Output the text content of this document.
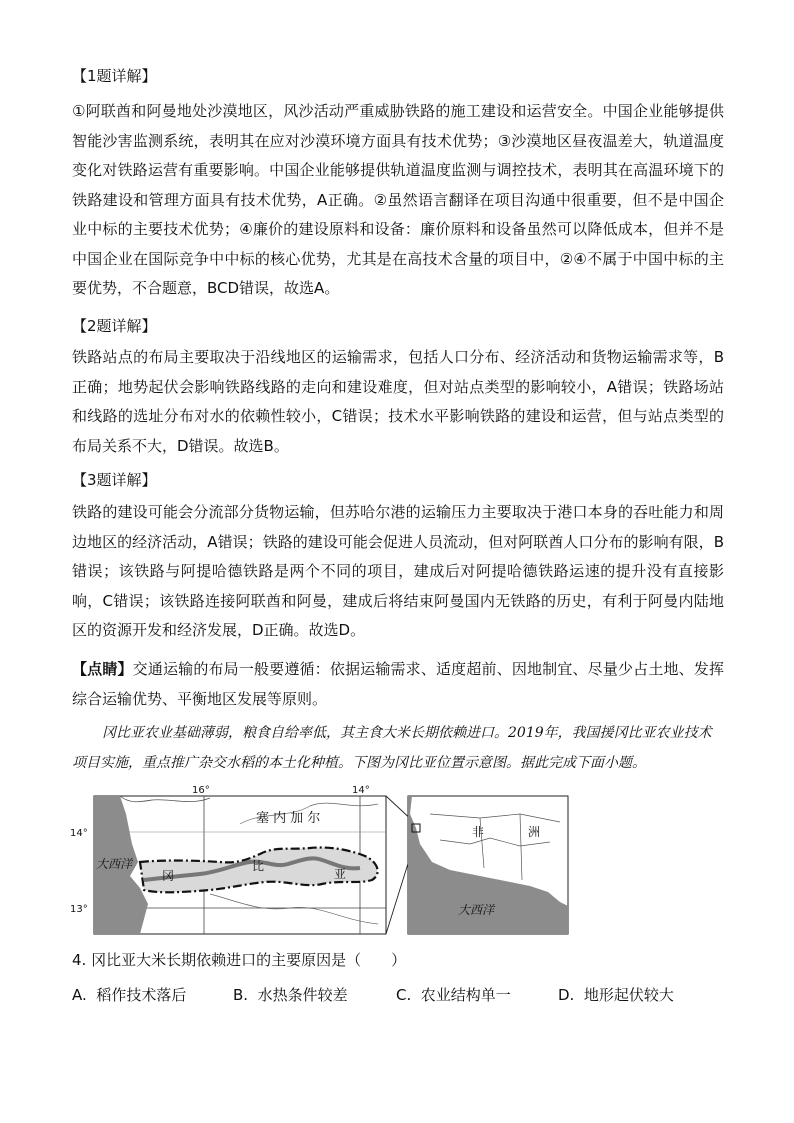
【1题详解】
①阿联酋和阿曼地处沙漠地区，风沙活动严重威胁铁路的施工建设和运营安全。中国企业能够提供智能沙害监测系统，表明其在应对沙漠环境方面具有技术优势；③沙漠地区昼夜温差大，轨道温度变化对铁路运营有重要影响。中国企业能够提供轨道温度监测与调控技术，表明其在高温环境下的铁路建设和管理方面具有技术优势，A正确。②虽然语言翻译在项目沟通中很重要，但不是中国企业中标的主要技术优势；④廉价的建设原料和设备：廉价原料和设备虽然可以降低成本，但并不是中国企业在国际竞争中中标的核心优势，尤其是在高技术含量的项目中，②④不属于中国中标的主要优势，不合题意，BCD错误，故选A。
【2题详解】
铁路站点的布局主要取决于沿线地区的运输需求，包括人口分布、经济活动和货物运输需求等，B正确；地势起伏会影响铁路线路的走向和建设难度，但对站点类型的影响较小，A错误；铁路场站和线路的选址分布对水的依赖性较小，C错误；技术水平影响铁路的建设和运营，但与站点类型的布局关系不大，D错误。故选B。
【3题详解】
铁路的建设可能会分流部分货物运输，但苏哈尔港的运输压力主要取决于港口本身的吞吐能力和周边地区的经济活动，A错误；铁路的建设可能会促进人员流动，但对阿联酋人口分布的影响有限，B错误；该铁路与阿提哈德铁路是两个不同的项目，建成后对阿提哈德铁路运速的提升没有直接影响，C错误；该铁路连接阿联酋和阿曼，建成后将结束阿曼国内无铁路的历史，有利于阿曼内陆地区的资源开发和经济发展，D正确。故选D。
【点睛】交通运输的布局一般要遵循：依据运输需求、适度超前、因地制宜、尽量少占土地、发挥综合运输优势、平衡地区发展等原则。
冈比亚农业基础薄弱，粮食自给率低，其主食大米长期依赖进口。2019年，我国援冈比亚农业技术项目实施，重点推广杂交水稻的本土化种植。下图为冈比亚位置示意图。据此完成下面小题。
16°	14°
14°
13°
塞 内 加 尔
大西洋
冈
比
亚
非	洲
大西洋
4. 冈比亚大米长期依赖进口的主要原因是（　　）
A. 稻作技术落后	B. 水热条件较差	C. 农业结构单一	D. 地形起伏较大
